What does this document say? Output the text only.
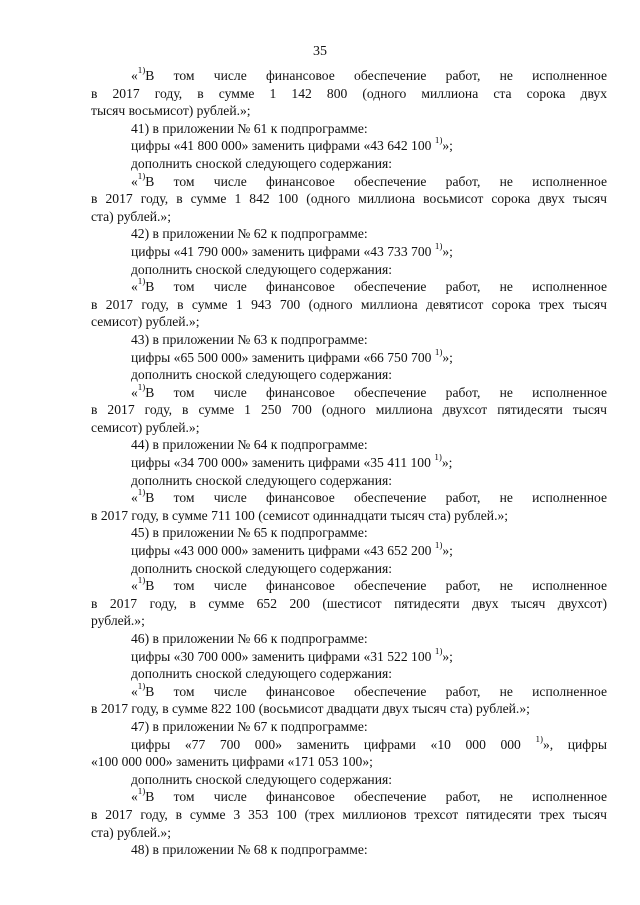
35
«$^{1)}$В том числе финансовое обеспечение работ, не исполненное
в 2017 году, в сумме 1 142 800 (одного миллиона ста сорока двух
тысяч восьмисот) рублей.»;
41) в приложении № 61 к подпрограмме:
цифры «41 800 000» заменить цифрами «43 642 100 $^{1)}$»;
дополнить сноской следующего содержания:
«$^{1)}$В том числе финансовое обеспечение работ, не исполненное
в 2017 году, в сумме 1 842 100 (одного миллиона восьмисот сорока двух тысяч
ста) рублей.»;
42) в приложении № 62 к подпрограмме:
цифры «41 790 000» заменить цифрами «43 733 700 $^{1)}$»;
дополнить сноской следующего содержания:
«$^{1)}$В том числе финансовое обеспечение работ, не исполненное
в 2017 году, в сумме 1 943 700 (одного миллиона девятисот сорока трех тысяч
семисот) рублей.»;
43) в приложении № 63 к подпрограмме:
цифры «65 500 000» заменить цифрами «66 750 700 $^{1)}$»;
дополнить сноской следующего содержания:
«$^{1)}$В том числе финансовое обеспечение работ, не исполненное
в 2017 году, в сумме 1 250 700 (одного миллиона двухсот пятидесяти тысяч
семисот) рублей.»;
44) в приложении № 64 к подпрограмме:
цифры «34 700 000» заменить цифрами «35 411 100 $^{1)}$»;
дополнить сноской следующего содержания:
«$^{1)}$В том числе финансовое обеспечение работ, не исполненное
в 2017 году, в сумме 711 100 (семисот одиннадцати тысяч ста) рублей.»;
45) в приложении № 65 к подпрограмме:
цифры «43 000 000» заменить цифрами «43 652 200 $^{1)}$»;
дополнить сноской следующего содержания:
«$^{1)}$В том числе финансовое обеспечение работ, не исполненное
в 2017 году, в сумме 652 200 (шестисот пятидесяти двух тысяч двухсот)
рублей.»;
46) в приложении № 66 к подпрограмме:
цифры «30 700 000» заменить цифрами «31 522 100 $^{1)}$»;
дополнить сноской следующего содержания:
«$^{1)}$В том числе финансовое обеспечение работ, не исполненное
в 2017 году, в сумме 822 100 (восьмисот двадцати двух тысяч ста) рублей.»;
47) в приложении № 67 к подпрограмме:
цифры «77 700 000» заменить цифрами «10 000 000 $^{1)}$», цифры
«100 000 000» заменить цифрами «171 053 100»;
дополнить сноской следующего содержания:
«$^{1)}$В том числе финансовое обеспечение работ, не исполненное
в 2017 году, в сумме 3 353 100 (трех миллионов трехсот пятидесяти трех тысяч
ста) рублей.»;
48) в приложении № 68 к подпрограмме:
